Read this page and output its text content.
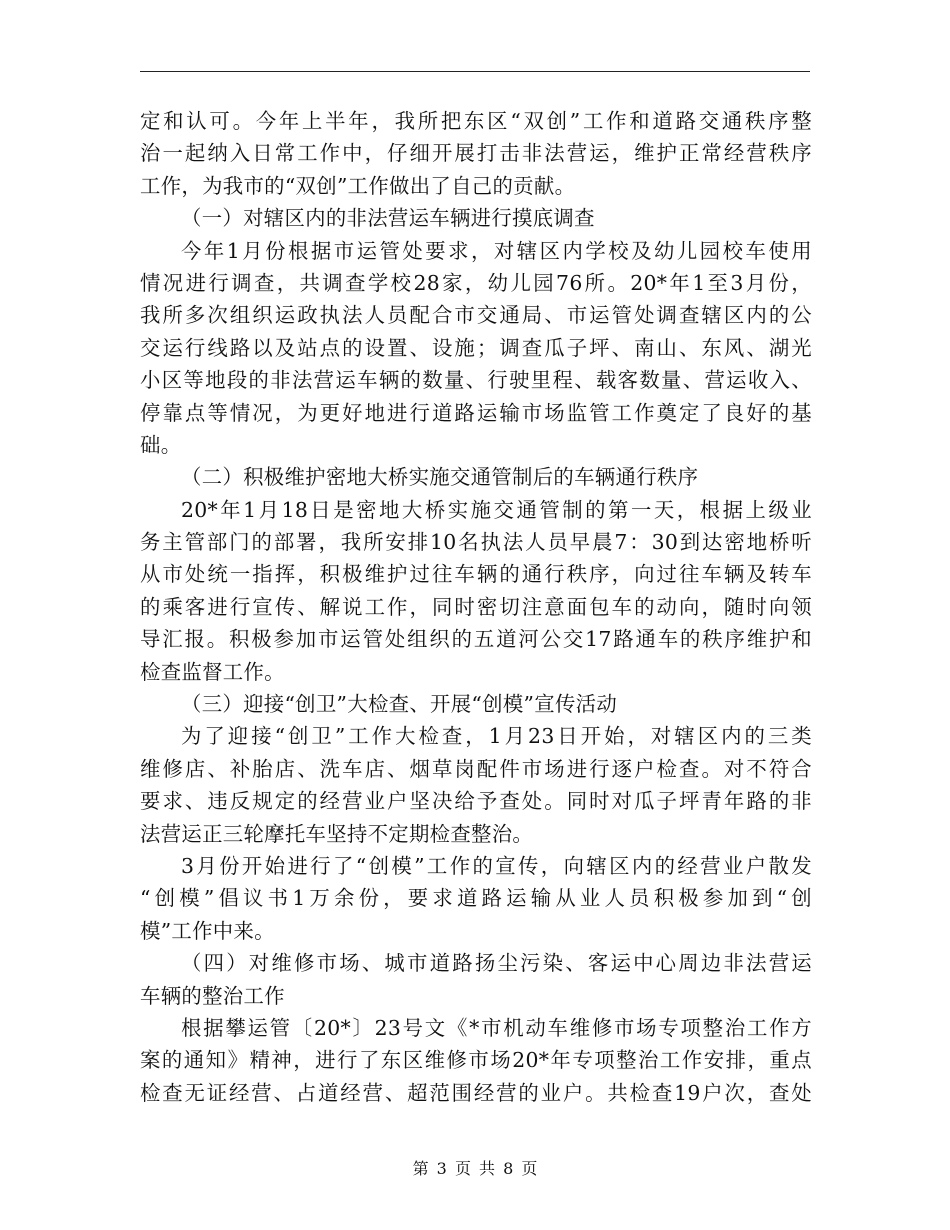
定和认可。今年上半年，我所把东区“双创”工作和道路交通秩序整
治一起纳入日常工作中，仔细开展打击非法营运，维护正常经营秩序
工作，为我市的“双创”工作做出了自己的贡献。
（一）对辖区内的非法营运车辆进行摸底调查
今年1月份根据市运管处要求，对辖区内学校及幼儿园校车使用
情况进行调查，共调查学校28家，幼儿园76所。20*年1至3月份，
我所多次组织运政执法人员配合市交通局、市运管处调查辖区内的公
交运行线路以及站点的设置、设施；调查瓜子坪、南山、东风、湖光
小区等地段的非法营运车辆的数量、行驶里程、载客数量、营运收入、
停靠点等情况，为更好地进行道路运输市场监管工作奠定了良好的基
础。
（二）积极维护密地大桥实施交通管制后的车辆通行秩序
20*年1月18日是密地大桥实施交通管制的第一天，根据上级业
务主管部门的部署，我所安排10名执法人员早晨7：30到达密地桥听
从市处统一指挥，积极维护过往车辆的通行秩序，向过往车辆及转车
的乘客进行宣传、解说工作，同时密切注意面包车的动向，随时向领
导汇报。积极参加市运管处组织的五道河公交17路通车的秩序维护和
检查监督工作。
（三）迎接“创卫”大检查、开展“创模”宣传活动
为了迎接“创卫”工作大检查，1月23日开始，对辖区内的三类
维修店、补胎店、洗车店、烟草岗配件市场进行逐户检查。对不符合
要求、违反规定的经营业户坚决给予查处。同时对瓜子坪青年路的非
法营运正三轮摩托车坚持不定期检查整治。
3月份开始进行了“创模”工作的宣传，向辖区内的经营业户散发
“创模”倡议书1万余份，要求道路运输从业人员积极参加到“创
模”工作中来。
（四）对维修市场、城市道路扬尘污染、客运中心周边非法营运
车辆的整治工作
根据攀运管〔20*〕23号文《*市机动车维修市场专项整治工作方
案的通知》精神，进行了东区维修市场20*年专项整治工作安排，重点
检查无证经营、占道经营、超范围经营的业户。共检查19户次，查处
第 3 页 共 8 页
